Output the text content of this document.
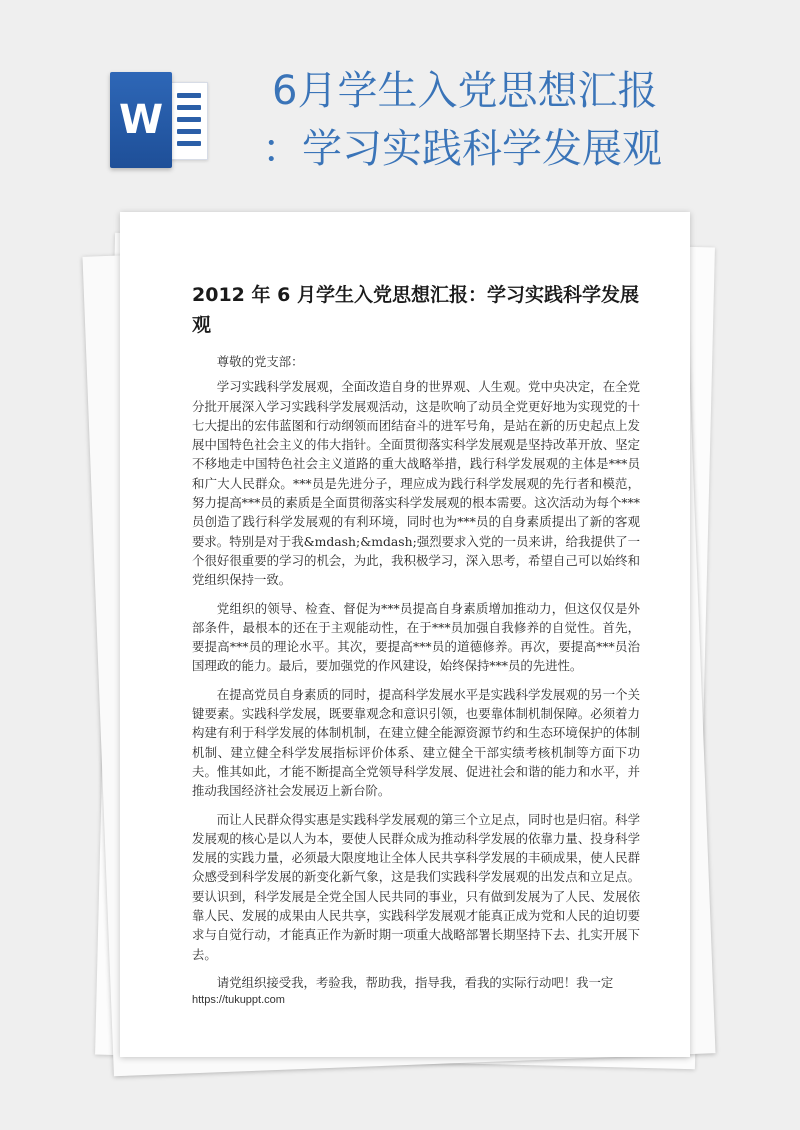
W
6月学生入党思想汇报
：学习实践科学发展观
2012 年 6 月学生入党思想汇报：学习实践科学发展观

尊敬的党支部：

学习实践科学发展观，全面改造自身的世界观、人生观。党中央决定，在全党分批开展深入学习实践科学发展观活动，这是吹响了动员全党更好地为实现党的十七大提出的宏伟蓝图和行动纲领而团结奋斗的进军号角，是站在新的历史起点上发展中国特色社会主义的伟大指针。全面贯彻落实科学发展观是坚持改革开放、坚定不移地走中国特色社会主义道路的重大战略举措，践行科学发展观的主体是***员和广大人民群众。***员是先进分子，理应成为践行科学发展观的先行者和模范，努力提高***员的素质是全面贯彻落实科学发展观的根本需要。这次活动为每个***员创造了践行科学发展观的有利环境，同时也为***员的自身素质提出了新的客观要求。特别是对于我&mdash;&mdash;强烈要求入党的一员来讲，给我提供了一个很好很重要的学习的机会，为此，我积极学习，深入思考，希望自己可以始终和党组织保持一致。

党组织的领导、检查、督促为***员提高自身素质增加推动力，但这仅仅是外部条件，最根本的还在于主观能动性，在于***员加强自我修养的自觉性。首先，要提高***员的理论水平。其次，要提高***员的道德修养。再次，要提高***员治国理政的能力。最后，要加强党的作风建设，始终保持***员的先进性。

在提高党员自身素质的同时，提高科学发展水平是实践科学发展观的另一个关键要素。实践科学发展，既要靠观念和意识引领，也要靠体制机制保障。必须着力构建有利于科学发展的体制机制，在建立健全能源资源节约和生态环境保护的体制机制、建立健全科学发展指标评价体系、建立健全干部实绩考核机制等方面下功夫。惟其如此，才能不断提高全党领导科学发展、促进社会和谐的能力和水平，并推动我国经济社会发展迈上新台阶。

而让人民群众得实惠是实践科学发展观的第三个立足点，同时也是归宿。科学发展观的核心是以人为本，要使人民群众成为推动科学发展的依靠力量、投身科学发展的实践力量，必须最大限度地让全体人民共享科学发展的丰硕成果，使人民群众感受到科学发展的新变化新气象，这是我们实践科学发展观的出发点和立足点。要认识到，科学发展是全党全国人民共同的事业，只有做到发展为了人民、发展依靠人民、发展的成果由人民共享，实践科学发展观才能真正成为党和人民的迫切要求与自觉行动，才能真正作为新时期一项重大战略部署长期坚持下去、扎实开展下去。

请党组织接受我，考验我，帮助我，指导我，看我的实际行动吧！我一定

https://tukuppt.com
